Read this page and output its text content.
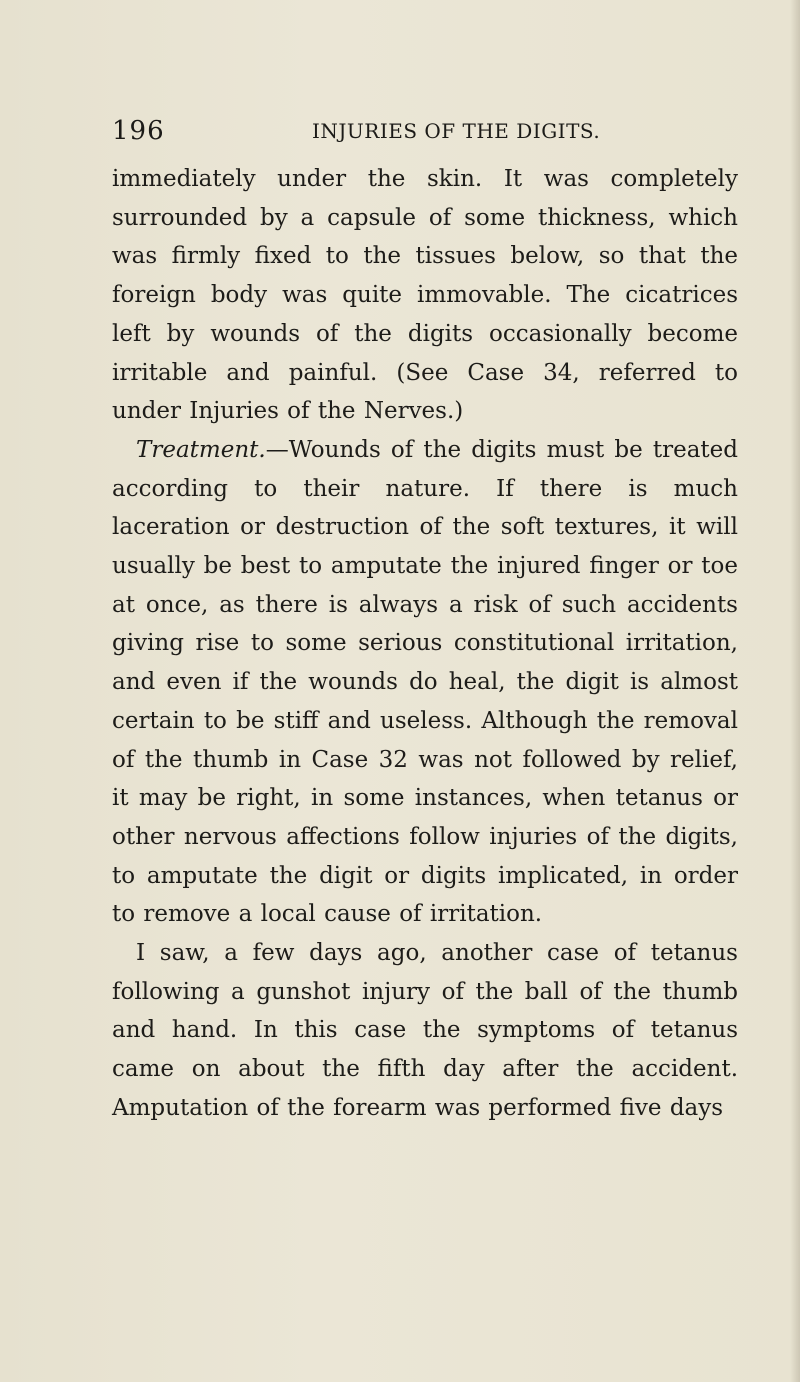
196	INJURIES OF THE DIGITS.

immediately under the skin. It was completely surrounded by a capsule of some thickness, which was firmly fixed to the tissues below, so that the foreign body was quite immovable. The cicatrices left by wounds of the digits occasionally become irritable and painful. (See Case 34, referred to under Injuries of the Nerves.)

Treatment.—Wounds of the digits must be treated according to their nature. If there is much laceration or destruction of the soft textures, it will usually be best to amputate the injured finger or toe at once, as there is always a risk of such accidents giving rise to some serious constitutional irritation, and even if the wounds do heal, the digit is almost certain to be stiff and useless. Although the removal of the thumb in Case 32 was not followed by relief, it may be right, in some instances, when tetanus or other nervous affections follow injuries of the digits, to amputate the digit or digits implicated, in order to remove a local cause of irritation.

I saw, a few days ago, another case of tetanus following a gunshot injury of the ball of the thumb and hand. In this case the symptoms of tetanus came on about the fifth day after the accident. Amputation of the forearm was performed five days
